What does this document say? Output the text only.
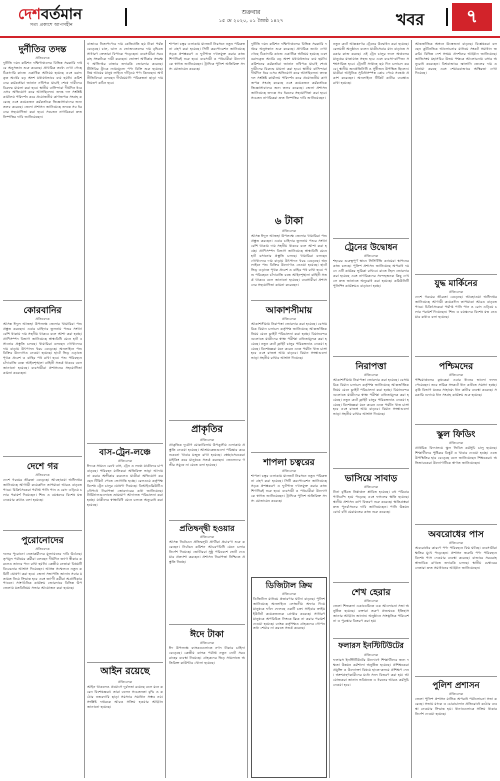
দেশবর্তমান
সত্য প্রকাশে আপসহীন
শুক্রবার
১৫ মে ২০২০, ০১ জ্যৈষ্ঠ ১৪২৭	খবর	৭
দুর্নীতির তদন্ত
প্রতিবেদক
দুর্নীতি দমন কমিশন দক্ষিণাঞ্চলের বিভিন্ন সরকারি দপ্তরে অনুসন্ধান শুরু করেছে। প্রাথমিক তথ্যে দেখা গেছে ঠিকাদারি কাজে একাধিক অনিয়ম হয়েছে এবং বরাদ্দকৃত অর্থের বড় অংশ যথাযথভাবে ব্যয় হয়নি। কমিশনের কর্মকর্তারা জানান নথিপত্র যাচাই শেষে দায়ীদের বিরুদ্ধে মামলা করা হবে। স্থানীয় বাসিন্দারা দীর্ঘদিন ধরে এসব অভিযোগ করে আসছিলেন। তদন্ত দল সংশ্লিষ্ট কার্যালয় পরিদর্শন করে প্রয়োজনীয় কাগজপত্র সংগ্রহ করেছে এবং কয়েকজন কর্মকর্তাকে জিজ্ঞাসাবাদের জন্য তলব করেছে। জেলা প্রশাসন জানিয়েছে তদন্তে সব ধরনের সহযোগিতা করা হবে। সচেতন নাগরিকরা দ্রুত নিষ্পত্তির দাবি জানিয়েছেন।
কোরবানির
প্রতিবেদক
আসন্ন ঈদুল আজহা উপলক্ষে জেলার খামারিরা পশু প্রস্তুত করছেন। এবার চাহিদার তুলনায় পশুর সংখ্যা বেশি থাকায় দাম সহনীয় থাকবে বলে আশা করা হচ্ছে। প্রাণিসম্পদ বিভাগ জানিয়েছে স্বাস্থ্যবিধি মেনে হাট বসানোর প্রস্তুতি চলছে। খামারিরা বলছেন গোখাদ্যের দাম বাড়ায় উৎপাদন খরচ বেড়েছে। অনলাইনে পশু বিক্রির উদ্যোগও নেওয়া হয়েছে। হাটে ভিড় এড়াতে পৃথক প্রবেশ ও বাহির পথ রাখা হবে। পশু পরিবহনে চাঁদাবাজি বন্ধে আইনশৃঙ্খলা বাহিনী সতর্ক থাকবে বলে জানানো হয়েছে। ব্যবসায়ীরা প্রশাসনের সহযোগিতা কামনা করেছেন।
দেশে গর
প্রতিবেদক
দেশে গরমের তীব্রতা বেড়েছে। আবহাওয়া অধিদপ্তর জানিয়েছে আগামী কয়েকদিন তাপমাত্রা আরও বাড়তে পারে। চিকিৎসকেরা পর্যাপ্ত পানি পান ও রোদ এড়িয়ে চলার পরামর্শ দিয়েছেন। শিশু ও বয়স্কদের বিশেষ যত্ন নেওয়ার কথাও বলা হয়েছে।
পুরোনোদের
প্রতিবেদক
দলের পুরোনো নেতাকর্মীদের মূল্যায়নের দাবি উঠেছে। তৃণমূল পর্যায়ের কর্মীরা বলছেন দীর্ঘদিন ত্যাগ স্বীকার করলেও তাদের পদে রাখা হয়নি। কেন্দ্রীয় নেতারা বিষয়টি বিবেচনার আশ্বাস দিয়েছেন। আসন্ন সম্মেলনে নতুন কমিটি ঘোষণা করা হবে। জেলা সভাপতি জানান সবার মতামত নিয়ে সিদ্ধান্ত হবে এবং ত্যাগী কর্মীরা অগ্রাধিকার পাবেন। সাংগঠনিক কার্যক্রম জোরদারে বিভিন্ন উপজেলায় মতবিনিময় সভার আয়োজন করা হয়েছে।
বাজারে নিত্যপণ্যের দাম কেজিপ্রতি ছয় টাকা পর্যন্ত বেড়েছে। চাল, ডাল ও ভোজ্যতেলের দাম বৃদ্ধিতে সাধারণ ক্রেতারা বিপাকে পড়েছেন। ব্যবসায়ীরা সরবরাহ সংকটকে দায়ী করছেন। ভোক্তা অধিকার সংরক্ষণ অধিদপ্তর বাজার তদারকি জোরদার করেছে। টিসিবির ট্রাকে ন্যায্যমূল্যে পণ্য বিক্রি শুরু হয়েছে। নিম্ন আয়ের মানুষ লাইনে দাঁড়িয়ে পণ্য কিনছেন। অর্থনীতিবিদরা বলছেন দীর্ঘমেয়াদি পরিকল্পনা ছাড়া দাম নিয়ন্ত্রণ কঠিন হবে।
বাস-ট্রেন-লঞ্চে
প্রতিবেদক
ঈদকে সামনে রেখে বাস, ট্রেন ও লঞ্চে যাত্রীদের চাপ বাড়ছে। পরিবহন মালিকরা অতিরিক্ত ভাড়া আদায় না করার অঙ্গীকার করলেও যাত্রীরা অভিযোগ করছেন টিকিট পেতে ভোগান্তি হচ্ছে। রেলওয়ে কর্তৃপক্ষ বিশেষ ট্রেন চালুর ঘোষণা দিয়েছে। বিআইডব্লিউটিএ নৌপথে নিরাপত্তা জোরদারের কথা জানিয়েছে। টার্মিনালগুলোতে ভ্রাম্যমাণ আদালত পরিচালনা করা হচ্ছে। যাত্রীদের স্বাস্থ্যবিধি মেনে চলতে অনুরোধ করা হয়েছে।
আইন রয়েছে
প্রতিবেদক
আইন থাকলেও প্রয়োগে দুর্বলতা রয়েছে বলে মনে করেন বিশেষজ্ঞরা। তারা বলেন সচেতনতা বৃদ্ধি ও কঠোর নজরদারি ছাড়া সমস্যার সমাধান সম্ভব নয়। সংশ্লিষ্ট দপ্তরকে আরও সক্রিয় হওয়ার আহ্বান জানানো হয়েছে।
শাপলা চত্বর এলাকায় যানজট নিরসনে নতুন পরিকল্পনা গ্রহণ করা হয়েছে। সিটি করপোরেশন জানিয়েছে সড়ক প্রশস্তকরণ ও ফুটপাত দখলমুক্ত করার কাজ শিগগিরই শুরু হবে। ব্যবসায়ী ও পথচারীরা উদ্যোগকে স্বাগত জানিয়েছেন। ট্রাফিক পুলিশ অতিরিক্ত সদস্য মোতায়েন করেছে।
প্রাকৃতির
প্রতিবেদক
প্রাকৃতিক দুর্যোগ মোকাবিলায় উপকূলীয় এলাকায় প্রস্তুতি নেওয়া হয়েছে। আশ্রয়কেন্দ্রগুলো পরিষ্কার করে শুকনো খাবার মজুত রাখা হয়েছে। স্বেচ্ছাসেবকেরা মাইকিং করে মানুষকে সতর্ক করছেন। জেলেদের গভীর সমুদ্রে না যেতে বলা হয়েছে।
প্রতিদ্বন্দ্বী হওয়ার
প্রতিবেদক
আসন্ন নির্বাচনে প্রতিদ্বন্দ্বী প্রার্থীরা প্রচারণা শুরু করেছেন। নির্বাচন কমিশন আচরণবিধি মেনে চলার নির্দেশ দিয়েছে। ভোটাররা সুষ্ঠু পরিবেশে ভোট দেওয়ার প্রত্যাশা করছেন। প্রশাসন নিরাপত্তা নিশ্চিতে প্রস্তুতি নিচ্ছে।
ঈদে টাকা
প্রতিবেদক
ঈদ উপলক্ষে ব্যাংকগুলোতে নগদ টাকার চাহিদা বেড়েছে। কেন্দ্রীয় ব্যাংক পর্যাপ্ত নতুন নোট সরবরাহের ব্যবস্থা নিয়েছে। গ্রাহকদের ভিড় সামলাতে অতিরিক্ত কাউন্টার খোলা হয়েছে।
দুর্নীতি দমন কমিশন দক্ষিণাঞ্চলের বিভিন্ন সরকারি দপ্তরে অনুসন্ধান শুরু করেছে। প্রাথমিক তথ্যে দেখা গেছে ঠিকাদারি কাজে একাধিক অনিয়ম হয়েছে এবং বরাদ্দকৃত অর্থের বড় অংশ যথাযথভাবে ব্যয় হয়নি। কমিশনের কর্মকর্তারা জানান নথিপত্র যাচাই শেষে দায়ীদের বিরুদ্ধে মামলা করা হবে। স্থানীয় বাসিন্দারা দীর্ঘদিন ধরে এসব অভিযোগ করে আসছিলেন। তদন্ত দল সংশ্লিষ্ট কার্যালয় পরিদর্শন করে প্রয়োজনীয় কাগজপত্র সংগ্রহ করেছে এবং কয়েকজন কর্মকর্তাকে জিজ্ঞাসাবাদের জন্য তলব করেছে। জেলা প্রশাসন জানিয়েছে তদন্তে সব ধরনের সহযোগিতা করা হবে। সচেতন নাগরিকরা দ্রুত নিষ্পত্তির দাবি জানিয়েছেন।
৬ টাকা
প্রতিবেদক
আসন্ন ঈদুল আজহা উপলক্ষে জেলার খামারিরা পশু প্রস্তুত করছেন। এবার চাহিদার তুলনায় পশুর সংখ্যা বেশি থাকায় দাম সহনীয় থাকবে বলে আশা করা হচ্ছে। প্রাণিসম্পদ বিভাগ জানিয়েছে স্বাস্থ্যবিধি মেনে হাট বসানোর প্রস্তুতি চলছে। খামারিরা বলছেন গোখাদ্যের দাম বাড়ায় উৎপাদন খরচ বেড়েছে। অনলাইনে পশু বিক্রির উদ্যোগও নেওয়া হয়েছে। হাটে ভিড় এড়াতে পৃথক প্রবেশ ও বাহির পথ রাখা হবে। পশু পরিবহনে চাঁদাবাজি বন্ধে আইনশৃঙ্খলা বাহিনী সতর্ক থাকবে বলে জানানো হয়েছে। ব্যবসায়ীরা প্রশাসনের সহযোগিতা কামনা করেছেন।
আকাশসীমায়
প্রতিবেদক
আকাশসীমায় নিরাপত্তা জোরদার করা হয়েছে। বেসামরিক বিমান চলাচল কর্তৃপক্ষ জানিয়েছে আন্তর্জাতিক নিয়ম মেনে ফ্লাইট পরিচালনা করা হচ্ছে। বিমানবন্দরগুলোতে যাত্রীদের স্বাস্থ্য পরীক্ষা বাধ্যতামূলক করা হয়েছে। নতুন রুটে ফ্লাইট চালুর পরিকল্পনাও নেওয়া হয়েছে। বিশেষজ্ঞরা মনে করেন এতে পর্যটন খাত চাঙ্গা হবে এবং রাজস্ব আয় বাড়বে। বিমান সংস্থাগুলো ভাড়া সহনীয় রাখার আশ্বাস দিয়েছে।
শাপলা চত্বরের
প্রতিবেদক
শাপলা চত্বর এলাকায় যানজট নিরসনে নতুন পরিকল্পনা গ্রহণ করা হয়েছে। সিটি করপোরেশন জানিয়েছে সড়ক প্রশস্তকরণ ও ফুটপাত দখলমুক্ত করার কাজ শিগগিরই শুরু হবে। ব্যবসায়ী ও পথচারীরা উদ্যোগকে স্বাগত জানিয়েছেন। ট্রাফিক পুলিশ অতিরিক্ত সদস্য মোতায়েন করেছে।
ডিজিটাল ক্রিম
প্রতিবেদক
ডিজিটাল মাধ্যমে প্রতারণার ঘটনা বাড়ছে। পুলিশ জানিয়েছে অনলাইনে লোভনীয় অফার দিয়ে মানুষকে ফাঁদে ফেলছে একটি চক্র। সাইবার ক্রাইম ইউনিট কয়েকজনকে গ্রেপ্তার করেছে। সাধারণ মানুষকে অপরিচিত লিংকে ক্লিক না করার পরামর্শ দেওয়া হয়েছে। ব্যাংক কর্তৃপক্ষও গ্রাহকদের গোপন তথ্য শেয়ার না করতে সতর্ক করেছে।
নতুন রুটে আন্তঃনগর ট্রেনের উদ্বোধন করা হয়েছে। রেলমন্ত্রী অনুষ্ঠানে বলেন যাত্রীসেবার মান বাড়াতে সরকার কাজ করছে। এই ট্রেন চালুর ফলে অঞ্চলের মানুষের যাতায়াত সহজ হবে এবং ব্যবসা-বাণিজ্য সম্প্রসারিত হবে। ট্রেনটি সপ্তাহে ছয় দিন চলাচল করবে। স্থানীয় জনপ্রতিনিধি ও সুধীজন উপস্থিত ছিলেন। যাত্রীরা আধুনিক সুবিধাসম্পন্ন কোচ পেয়ে সন্তোষ প্রকাশ করেছেন। অনলাইনে টিকিট কাটার ব্যবস্থাও রাখা হয়েছে।
ট্রেনের উদ্বোধন
প্রতিবেদক
শহরের গুরুত্বপূর্ণ স্থানে সিসিটিভি ক্যামেরা স্থাপনের কাজ চলছে। পুলিশ প্রশাসন জানিয়েছে অপরাধ দমনে এটি কার্যকর ভূমিকা রাখবে। রাতে টহল জোরদার করা হয়েছে এবং নাগরিকদের সন্দেহজনক কিছু দেখলে দ্রুত জানাতে অনুরোধ করা হয়েছে। কমিউনিটি পুলিশিং কার্যক্রমও বাড়ানো হচ্ছে।
নিরাপত্তা
প্রতিবেদক
আকাশসীমায় নিরাপত্তা জোরদার করা হয়েছে। বেসামরিক বিমান চলাচল কর্তৃপক্ষ জানিয়েছে আন্তর্জাতিক নিয়ম মেনে ফ্লাইট পরিচালনা করা হচ্ছে। বিমানবন্দরগুলোতে যাত্রীদের স্বাস্থ্য পরীক্ষা বাধ্যতামূলক করা হয়েছে। নতুন রুটে ফ্লাইট চালুর পরিকল্পনাও নেওয়া হয়েছে। বিশেষজ্ঞরা মনে করেন এতে পর্যটন খাত চাঙ্গা হবে এবং রাজস্ব আয় বাড়বে। বিমান সংস্থাগুলো ভাড়া সহনীয় রাখার আশ্বাস দিয়েছে।
ভাসিয়ে সাবাড়
প্রতিবেদক
টানা বৃষ্টিতে নিম্নাঞ্চল প্লাবিত হয়েছে। বহু পরিবার পানিবন্দি হয়ে পড়েছে এবং ফসলের ক্ষতি হয়েছে। স্থানীয় প্রশাসন ত্রাণ বিতরণ শুরু করেছে। ক্ষতিগ্রস্তরা দ্রুত পুনর্বাসনের দাবি জানিয়েছেন। পানি উন্নয়ন বোর্ড বাঁধ মেরামতের কাজ শুরু করেছে।
শেখ হেরার
প্রতিবেদক
জেলা শিল্পকলা একাডেমিতে এক আলোচনা সভা অনুষ্ঠিত হয়েছে। বক্তারা তরুণ প্রজন্মকে ইতিহাস জানার আহ্বান জানান। অনুষ্ঠানে সাংস্কৃতিক পরিবেশনা ও পুরস্কার বিতরণ করা হয়।
ফলারস ইনস্টিটিউটের
প্রতিবেদক
ফলারস ইনস্টিটিউটের উদ্যোগে শিক্ষার্থীদের জন্য দক্ষতা উন্নয়ন কর্মশালা অনুষ্ঠিত হয়েছে। প্রশিক্ষকেরা প্রযুক্তি ও উদ্যোক্তা বিষয়ে হাতে-কলমে প্রশিক্ষণ দেন। অংশগ্রহণকারীদের মধ্যে সনদ বিতরণ করা হয়। আয়োজকরা জানান ভবিষ্যতে এ ধরনের আরও কর্মসূচি নেওয়া হবে।
আন্তর্জাতিক অঙ্গনে উত্তেজনা বাড়ছে। বিশ্লেষকরা বলছেন কূটনৈতিক আলোচনার মাধ্যমে সংকট সমাধান জরুরি। বিভিন্ন দেশ সংযম প্রদর্শনের আহ্বান জানিয়েছে। জাতিসংঘ মহাসচিব উভয় পক্ষকে আলোচনায় বসার অনুরোধ করেছেন। বিশ্ববাজারে জ্বালানি তেলের দাম ওঠানামা করছে এবং শেয়ারবাজারে অস্থিরতা দেখা দিয়েছে।
যুদ্ধ মার্কিনের
প্রতিবেদক
দেশে গরমের তীব্রতা বেড়েছে। আবহাওয়া অধিদপ্তর জানিয়েছে আগামী কয়েকদিন তাপমাত্রা আরও বাড়তে পারে। চিকিৎসকেরা পর্যাপ্ত পানি পান ও রোদ এড়িয়ে চলার পরামর্শ দিয়েছেন। শিশু ও বয়স্কদের বিশেষ যত্ন নেওয়ার কথাও বলা হয়েছে।
পশ্চিমদের
প্রতিবেদক
পশ্চিমাঞ্চলের কৃষকেরা এবার ধানের ভালো ফলন পেয়েছেন। তবে শ্রমিক সংকটে ধান কাটতে সমস্যা হচ্ছে। কৃষি বিভাগ যন্ত্রের সাহায্যে ধান কাটার ব্যবস্থা করেছে। সরকারি গুদামে ধান সংগ্রহ কার্যক্রম শুরু হয়েছে।
স্কুল ফিডিং
প্রতিবেদক
প্রাথমিক বিদ্যালয়ে স্কুল ফিডিং কর্মসূচি চালু হয়েছে। শিক্ষার্থীদের পুষ্টিকর বিস্কুট ও খাবার দেওয়া হচ্ছে। এতে উপস্থিতির হার বেড়েছে বলে জানিয়েছেন শিক্ষকেরা। অভিভাবকেরা উদ্যোগটিকে স্বাগত জানিয়েছেন।
অবরোধের পাস
প্রতিবেদক
অবরোধের কারণে পণ্য পরিবহনে বিঘ্ন ঘটছে। ব্যবসায়ীরা ক্ষতির মুখে পড়েছেন। প্রশাসন জরুরি পণ্য পরিবহনে বিশেষ পাস দেওয়ার ব্যবস্থা করেছে। বাজারে সরবরাহ স্বাভাবিক রাখতে তদারকি চলছে। স্থানীয় চেম্বারের নেতারা দ্রুত সমাধানের আহ্বান জানিয়েছেন।
পুলিশ প্রশাসন
প্রতিবেদক
জেলা পুলিশ প্রশাসন মাসিক অপরাধ পর্যালোচনা সভা করেছে। সভায় মাদক ও চোরাচালান প্রতিরোধে কঠোর ব্যবস্থা নেওয়ার সিদ্ধান্ত হয়। থানাগুলোকে সক্রিয় থাকার নির্দেশ দেওয়া হয়েছে।
